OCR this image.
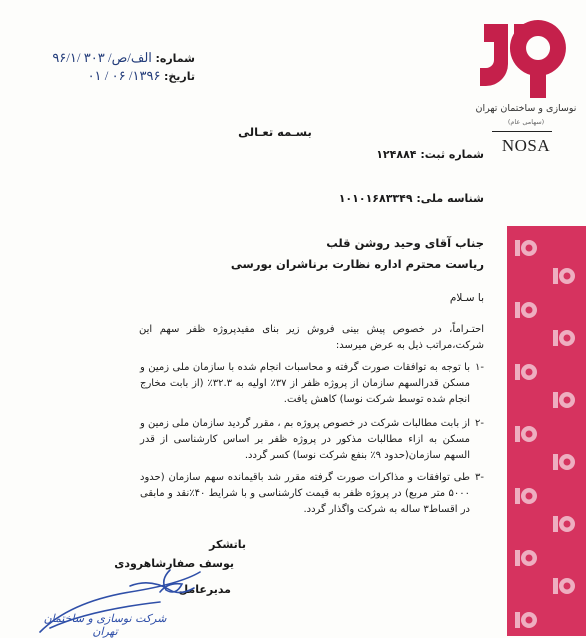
نوسازی و ساختمان تهران
(سهامی عام)
NOSA
شماره: الف/ص/ ۳۰۳ /۹۶/۱
تاریخ: ۱۳۹۶/ ۰۶ / ۰۱
بسـمه تعـالی
شماره ثبت: ۱۲۴۸۸۴
شناسه ملی: ۱۰۱۰۱۶۸۳۳۴۹
جناب آقای وحید روشن قلب
ریاست محترم اداره نظارت برناشران بورسی
با سـلام
احتـراماً، در خصوص پیش بینی فروش زیر بنای مفیدپروژه ظفر سهم این شرکت،مراتب ذیل به عرض میرسد:
۱-
با توجه به توافقات صورت گرفته و محاسبات انجام شده با سازمان ملی زمین و مسکن قدرالسهم سازمان از پروژه ظفر از ۳۷٪ اولیه به ۳۲.۳٪ (از بابت مخارج انجام شده توسط شرکت نوسا) کاهش یافت.
۲-
از بابت مطالبات شرکت در خصوص پروژه بم ، مقرر گردید سازمان ملی زمین و مسکن به ازاء مطالبات مذکور در پروژه ظفر بر اساس کارشناسی از قدر السهم سازمان(حدود ۹٪ بنفع شرکت نوسا) کسر گردد.
۳-
طی توافقات و مذاکرات صورت گرفته مقرر شد باقیمانده سهم سازمان (حدود ۵۰۰۰ متر مربع) در پروژه ظفر به قیمت کارشناسی و با شرایط ۴۰٪نقد و مابقی در اقساط۳ ساله به شرکت واگذار گردد.
باتشکر
یوسف صفارشاهرودی
مدیرعامل
شرکت نوسازی و ساختمان تهران
